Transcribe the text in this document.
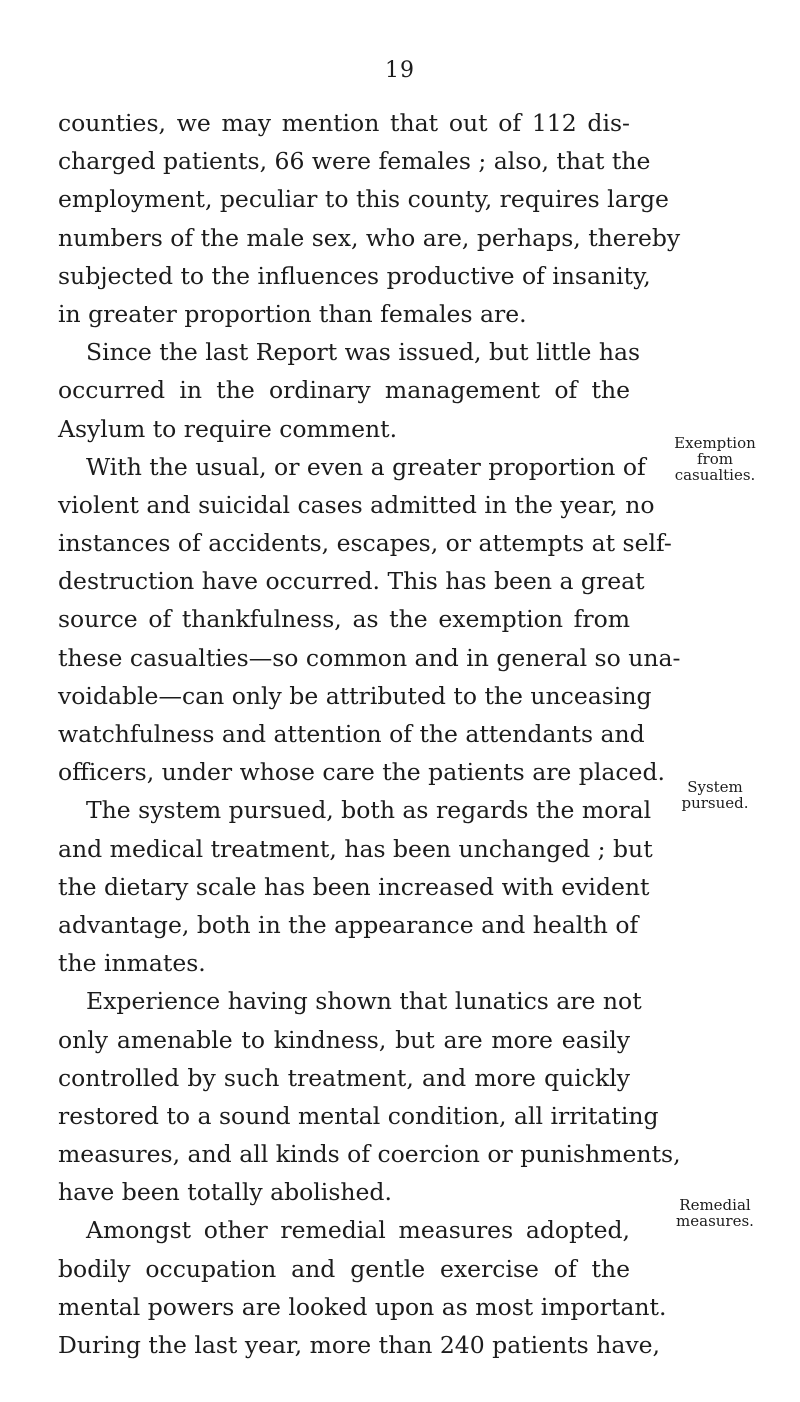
19
counties, we may mention that out of 112 dis-
charged patients, 66 were females ; also, that the
employment, peculiar to this county, requires large
numbers of the male sex, who are, perhaps, thereby
subjected to the influences productive of insanity,
in greater proportion than females are.
Since the last Report was issued, but little has
occurred in the ordinary management of the
Asylum to require comment.
With the usual, or even a greater proportion of
violent and suicidal cases admitted in the year, no
instances of accidents, escapes, or attempts at self-
destruction have occurred. This has been a great
source of thankfulness, as the exemption from
these casualties—so common and in general so una-
voidable—can only be attributed to the unceasing
watchfulness and attention of the attendants and
officers, under whose care the patients are placed.
The system pursued, both as regards the moral
and medical treatment, has been unchanged ; but
the dietary scale has been increased with evident
advantage, both in the appearance and health of
the inmates.
Experience having shown that lunatics are not
only amenable to kindness, but are more easily
controlled by such treatment, and more quickly
restored to a sound mental condition, all irritating
measures, and all kinds of coercion or punishments,
have been totally abolished.
Amongst other remedial measures adopted,
bodily occupation and gentle exercise of the
mental powers are looked upon as most important.
During the last year, more than 240 patients have,
Exemption
from
casualties.
System
pursued.
Remedial
measures.
